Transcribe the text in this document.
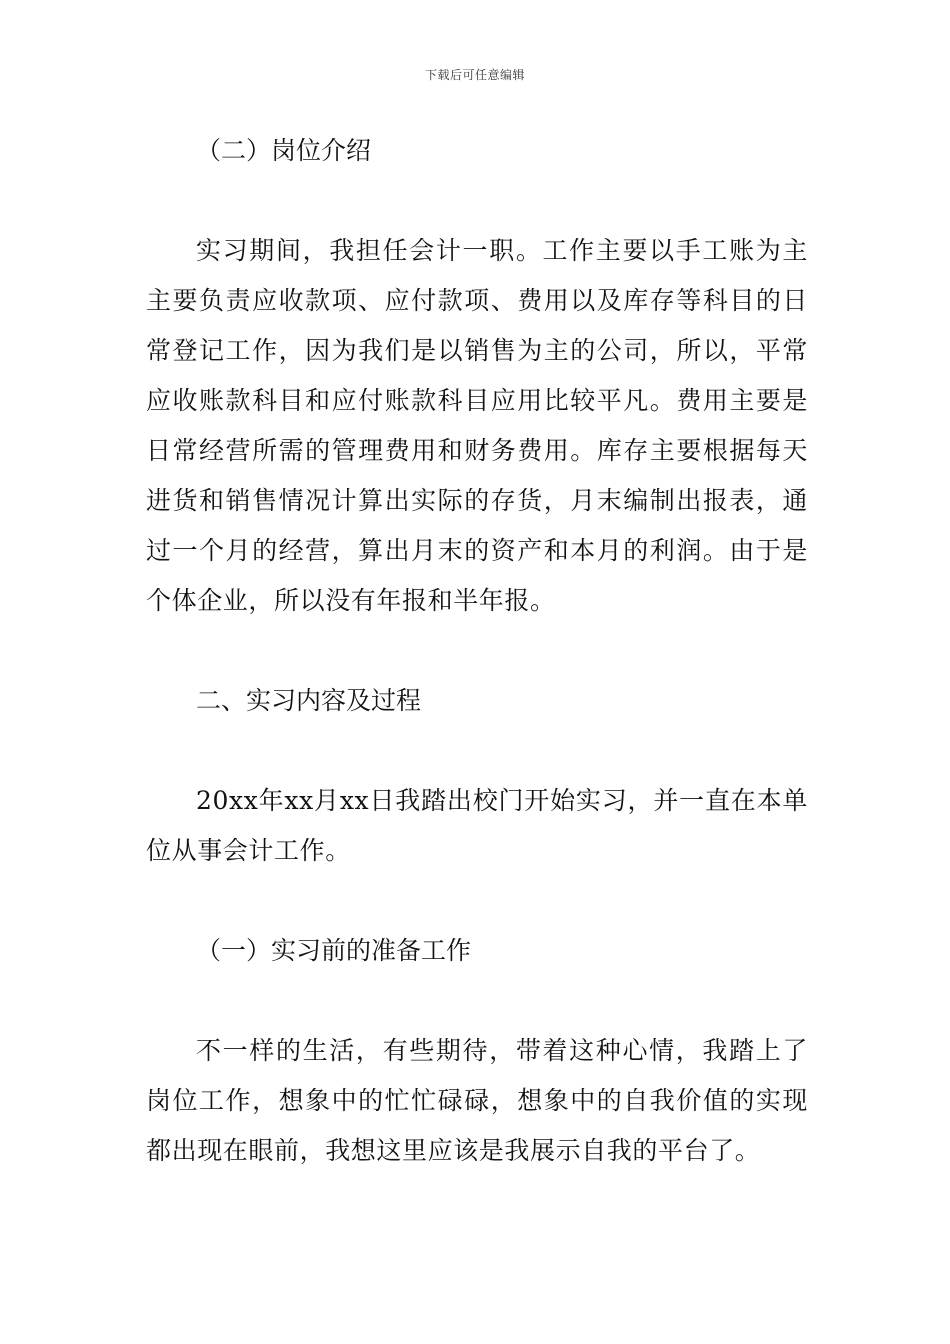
下载后可任意编辑

（二）岗位介绍

实习期间，我担任会计一职。工作主要以手工账为主主要负责应收款项、应付款项、费用以及库存等科目的日常登记工作，因为我们是以销售为主的公司，所以，平常应收账款科目和应付账款科目应用比较平凡。费用主要是日常经营所需的管理费用和财务费用。库存主要根据每天进货和销售情况计算出实际的存货，月末编制出报表，通过一个月的经营，算出月末的资产和本月的利润。由于是个体企业，所以没有年报和半年报。

二、实习内容及过程

20xx年xx月xx日我踏出校门开始实习，并一直在本单位从事会计工作。

（一）实习前的准备工作

不一样的生活，有些期待，带着这种心情，我踏上了岗位工作，想象中的忙忙碌碌，想象中的自我价值的实现都出现在眼前，我想这里应该是我展示自我的平台了。
